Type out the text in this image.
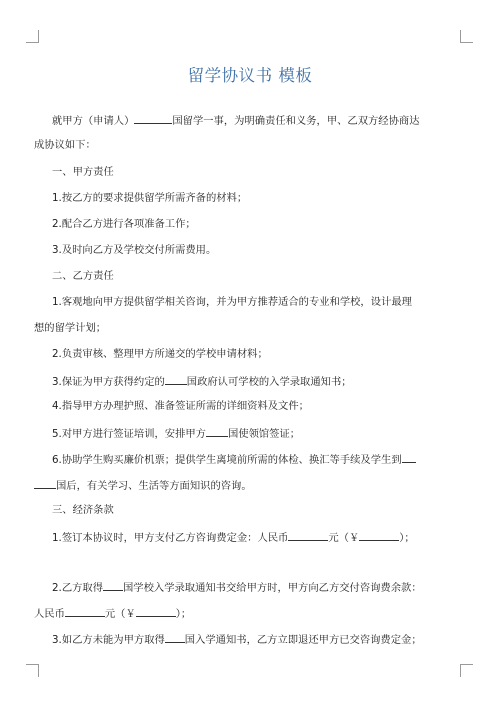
留学协议书 模板
就甲方（申请人）	国留学一事，为明确责任和义务，甲、乙双方经协商达
成协议如下：
一、甲方责任
1.按乙方的要求提供留学所需齐备的材料；
2.配合乙方进行各项准备工作；
3.及时向乙方及学校交付所需费用。
二、乙方责任
1.客观地向甲方提供留学相关咨询，并为甲方推荐适合的专业和学校，设计最理
想的留学计划；
2.负责审核、整理甲方所递交的学校申请材料；
3.保证为甲方获得约定的 国政府认可学校的入学录取通知书；
4.指导甲方办理护照、准备签证所需的详细资料及文件；
5.对甲方进行签证培训，安排甲方 国使领馆签证；
6.协助学生购买廉价机票；提供学生离境前所需的体检、换汇等手续及学生到
国后，有关学习、生活等方面知识的咨询。
三、经济条款
1.签订本协议时，甲方支付乙方咨询费定金：人民币	元（￥	）；
2.乙方取得 国学校入学录取通知书交给甲方时，甲方向乙方交付咨询费余款：
人民币	元（￥	）；
3.如乙方未能为甲方取得 国入学通知书，乙方立即退还甲方已交咨询费定金；
